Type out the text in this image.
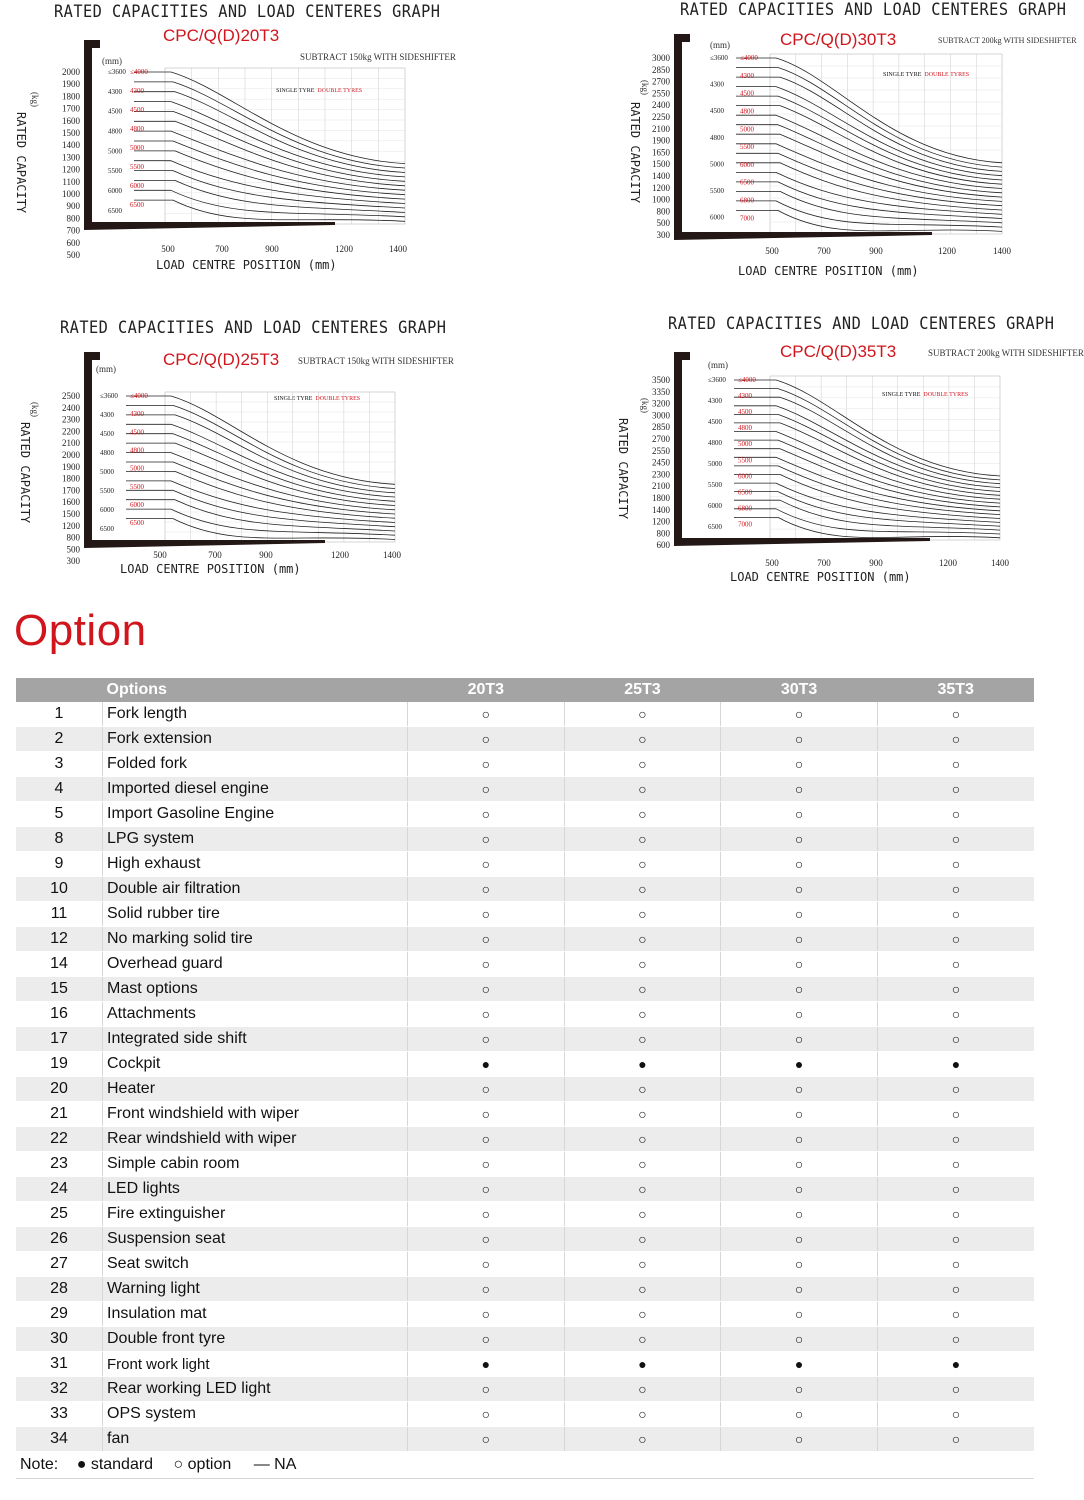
RATED CAPACITIES AND LOAD CENTERES GRAPH
CPC/Q(D)20T3
SUBTRACT 150kg WITH SIDESHIFTER
SINGLE TYRE DOUBLE TYRES
(mm)
(kg)
RATED CAPACITY
LOAD CENTRE POSITION (mm)
2000
1900
1800
1700
1600
1500
1400
1300
1200
1100
1000
900
800
700
600
500
500	700	900	1200	1400
≤3600
4300
4500
4800
5000
5500
6000
6500
≤4000
4300
4500
4800
5000
5500
6000
6500
RATED CAPACITIES AND LOAD CENTERES GRAPH
CPC/Q(D)30T3	SUBTRACT 200kg WITH SIDESHIFTER
SINGLE TYRE DOUBLE TYRES
(mm)
(kg)
RATED CAPACITY
LOAD CENTRE POSITION (mm)
3000
2850
2700
2550
2400
2250
2100
1900
1650
1500
1400
1200
1000
800
500
300
500	700	900	1200	1400
≤3600
4300
4500
4800
5000
5500
6000
≤4000
4300
4500
4800
5000
5500
6000
6500
6800
7000
RATED CAPACITIES AND LOAD CENTERES GRAPH
CPC/Q(D)25T3 SUBTRACT 150kg WITH SIDESHIFTER
SINGLE TYRE DOUBLE TYRES
(mm)
(kg)
RATED CAPACITY
LOAD CENTRE POSITION (mm)
2500
2400
2300
2200
2100
2000
1900
1800
1700
1600
1500
1200
800
500
300
500	700	900	1200	1400
≤3600
4300
4500
4800
5000
5500
6000
6500
≤4000
4300
4500
4800
5000
5500
6000
6500
RATED CAPACITIES AND LOAD CENTERES GRAPH
CPC/Q(D)35T3	SUBTRACT 200kg WITH SIDESHIFTER
SINGLE TYRE DOUBLE TYRES
(mm)
(kg)
RATED CAPACITY
LOAD CENTRE POSITION (mm)
3500
3350
3200
3000
2850
2700
2550
2450
2300
2100
1800
1400
1200
800
600
500	700	900	1200	1400
≤3600
4300
4500
4800
5000
5500
6000
6500
≤4000
4300
4500
4800
5000
5500
6000
6500
6800
7000
Option
	Options	20T3	25T3	30T3	35T3
1	Fork length	○	○	○	○
2	Fork extension	○	○	○	○
3	Folded fork	○	○	○	○
4	Imported diesel engine	○	○	○	○
5	Import Gasoline Engine	○	○	○	○
8	LPG system	○	○	○	○
9	High exhaust	○	○	○	○
10	Double air filtration	○	○	○	○
11	Solid rubber tire	○	○	○	○
12	No marking solid tire	○	○	○	○
14	Overhead guard	○	○	○	○
15	Mast options	○	○	○	○
16	Attachments	○	○	○	○
17	Integrated side shift	○	○	○	○
19	Cockpit	●	●	●	●
20	Heater	○	○	○	○
21	Front windshield with wiper	○	○	○	○
22	Rear windshield with wiper	○	○	○	○
23	Simple cabin room	○	○	○	○
24	LED lights	○	○	○	○
25	Fire extinguisher	○	○	○	○
26	Suspension seat	○	○	○	○
27	Seat switch	○	○	○	○
28	Warning light	○	○	○	○
29	Insulation mat	○	○	○	○
30	Double front tyre	○	○	○	○
31	Front work light	●	●	●	●
32	Rear working LED light	○	○	○	○
33	OPS system	○	○	○	○
34	fan	○	○	○	○
Note: ● standard ○ option — NA
